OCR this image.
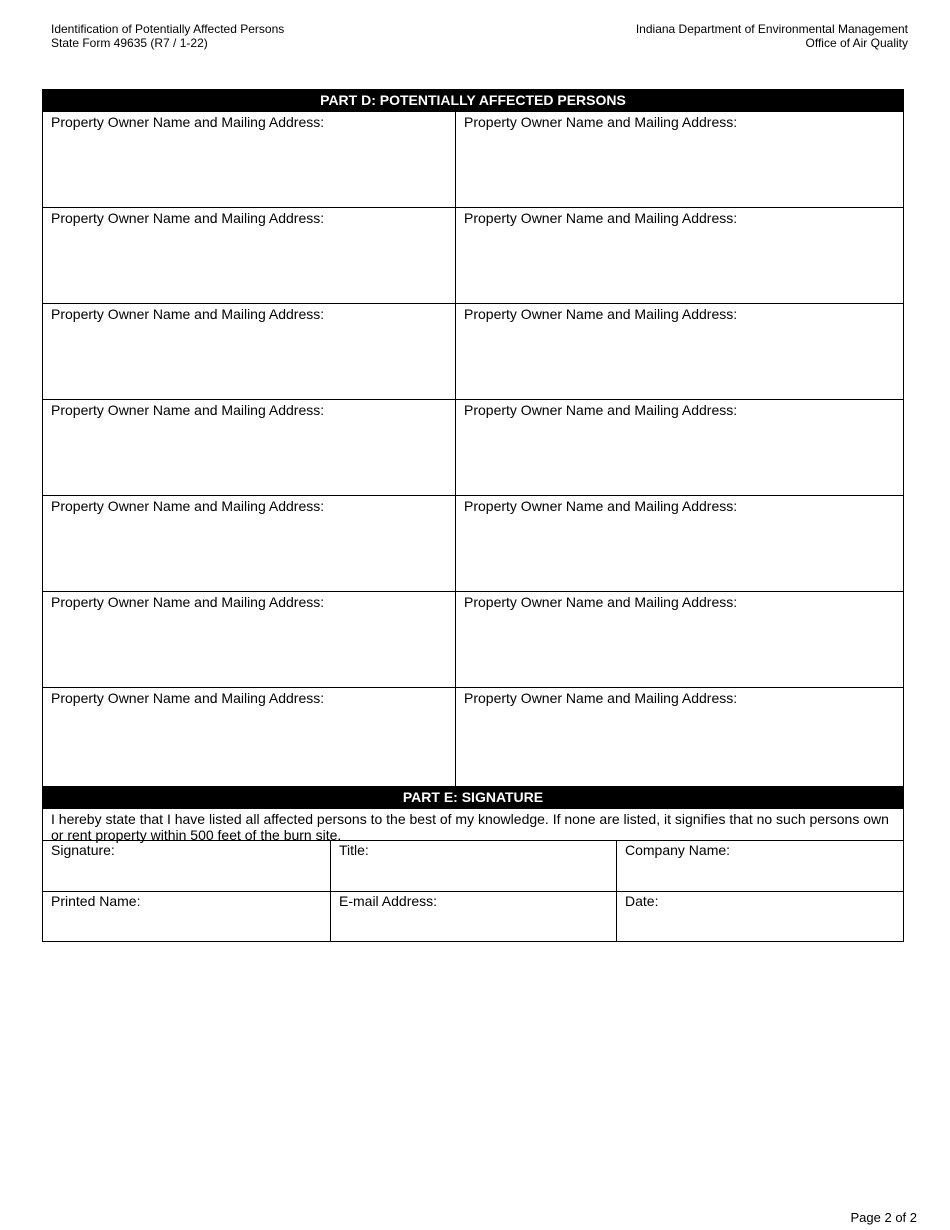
Identification of Potentially Affected Persons
State Form 49635 (R7 / 1-22)
Indiana Department of Environmental Management
Office of Air Quality
PART D: POTENTIALLY AFFECTED PERSONS
Property Owner Name and Mailing Address:	Property Owner Name and Mailing Address:
Property Owner Name and Mailing Address:	Property Owner Name and Mailing Address:
Property Owner Name and Mailing Address:	Property Owner Name and Mailing Address:
Property Owner Name and Mailing Address:	Property Owner Name and Mailing Address:
Property Owner Name and Mailing Address:	Property Owner Name and Mailing Address:
Property Owner Name and Mailing Address:	Property Owner Name and Mailing Address:
Property Owner Name and Mailing Address:	Property Owner Name and Mailing Address:
PART E: SIGNATURE
I hereby state that I have listed all affected persons to the best of my knowledge. If none are listed, it signifies that no such persons own or rent property within 500 feet of the burn site.
Signature:	Title:	Company Name:
Printed Name:	E-mail Address:	Date:
Page 2 of 2
